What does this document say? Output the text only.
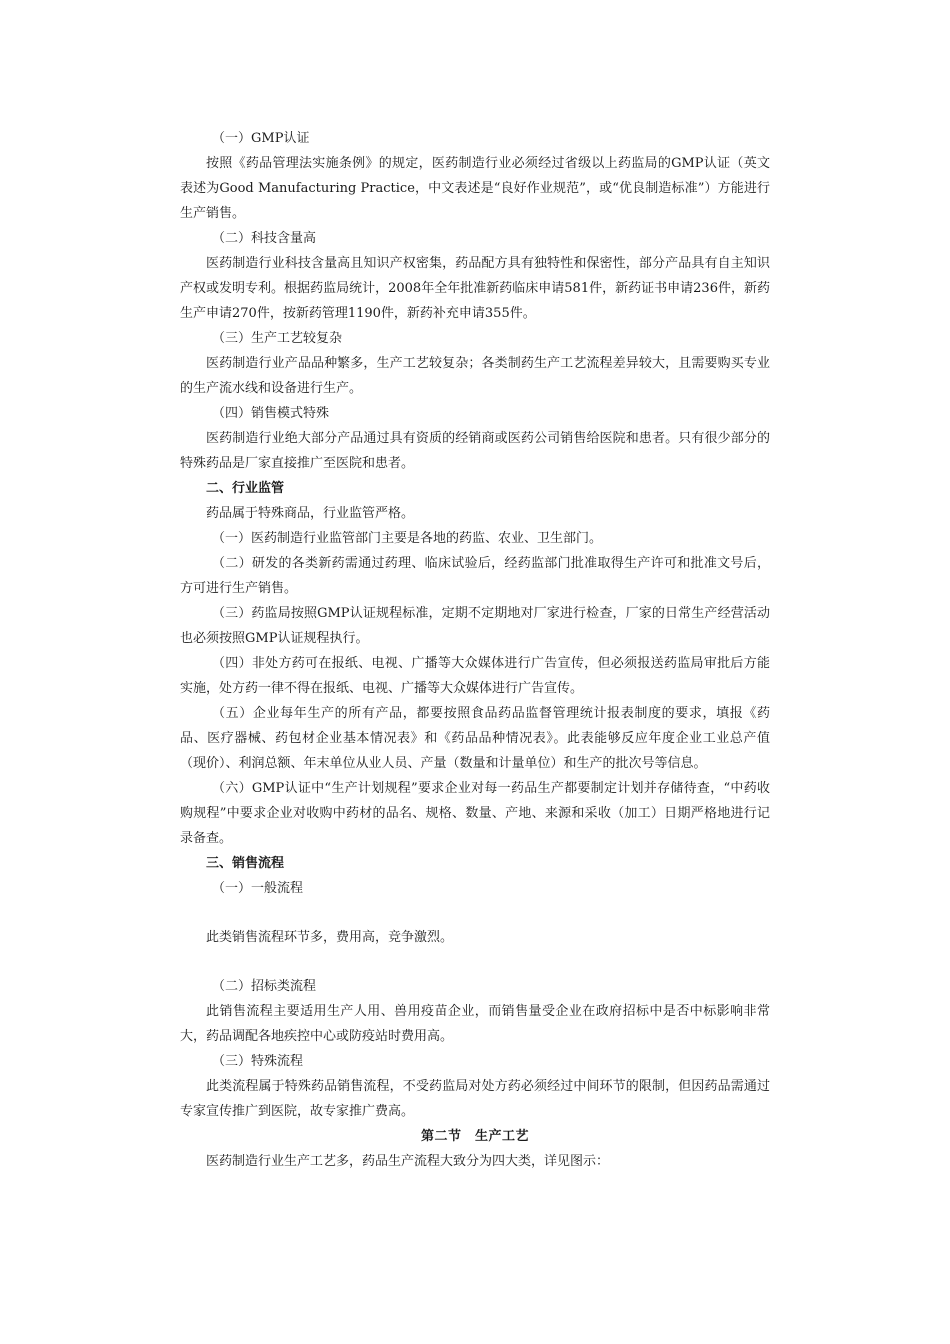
（一）GMP认证

按照《药品管理法实施条例》的规定，医药制造行业必须经过省级以上药监局的GMP认证（英文表述为Good Manufacturing Practice，中文表述是“良好作业规范”，或“优良制造标准”）方能进行生产销售。

（二）科技含量高

医药制造行业科技含量高且知识产权密集，药品配方具有独特性和保密性，部分产品具有自主知识产权或发明专利。根据药监局统计，2008年全年批准新药临床申请581件，新药证书申请236件，新药生产申请270件，按新药管理1190件，新药补充申请355件。

（三）生产工艺较复杂

医药制造行业产品品种繁多，生产工艺较复杂；各类制药生产工艺流程差异较大，且需要购买专业的生产流水线和设备进行生产。

（四）销售模式特殊

医药制造行业绝大部分产品通过具有资质的经销商或医药公司销售给医院和患者。只有很少部分的特殊药品是厂家直接推广至医院和患者。

二、行业监管

药品属于特殊商品，行业监管严格。

（一）医药制造行业监管部门主要是各地的药监、农业、卫生部门。

（二）研发的各类新药需通过药理、临床试验后，经药监部门批准取得生产许可和批准文号后，方可进行生产销售。

（三）药监局按照GMP认证规程标准，定期不定期地对厂家进行检查，厂家的日常生产经营活动也必须按照GMP认证规程执行。

（四）非处方药可在报纸、电视、广播等大众媒体进行广告宣传，但必须报送药监局审批后方能实施，处方药一律不得在报纸、电视、广播等大众媒体进行广告宣传。

（五）企业每年生产的所有产品，都要按照食品药品监督管理统计报表制度的要求，填报《药品、医疗器械、药包材企业基本情况表》和《药品品种情况表》。此表能够反应年度企业工业总产值（现价）、利润总额、年末单位从业人员、产量（数量和计量单位）和生产的批次号等信息。

（六）GMP认证中“生产计划规程”要求企业对每一药品生产都要制定计划并存储待查，“中药收购规程”中要求企业对收购中药材的品名、规格、数量、产地、来源和采收（加工）日期严格地进行记录备查。

三、销售流程

（一）一般流程

此类销售流程环节多，费用高，竞争激烈。

（二）招标类流程

此销售流程主要适用生产人用、兽用疫苗企业，而销售量受企业在政府招标中是否中标影响非常大，药品调配各地疾控中心或防疫站时费用高。

（三）特殊流程

此类流程属于特殊药品销售流程，不受药监局对处方药必须经过中间环节的限制，但因药品需通过专家宣传推广到医院，故专家推广费高。

第二节　生产工艺

医药制造行业生产工艺多，药品生产流程大致分为四大类，详见图示：
